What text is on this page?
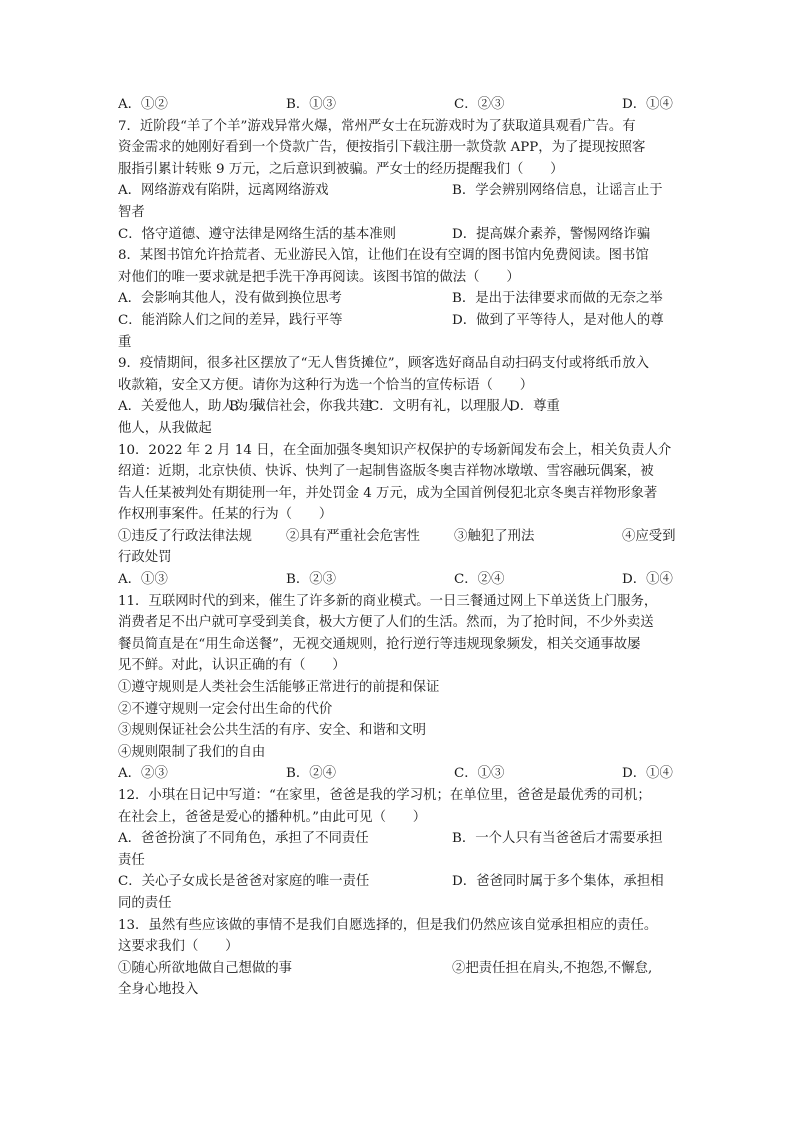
A．①②	B．①③	C．②③	D．①④
7．近阶段“羊了个羊”游戏异常火爆，常州严女士在玩游戏时为了获取道具观看广告。有
资金需求的她刚好看到一个贷款广告，便按指引下载注册一款贷款 APP，为了提现按照客
服指引累计转账 9 万元，之后意识到被骗。严女士的经历提醒我们（　　）
A．网络游戏有陷阱，远离网络游戏	B．学会辨别网络信息，让谣言止于
智者
C．恪守道德、遵守法律是网络生活的基本准则	D．提高媒介素养，警惕网络诈骗
8．某图书馆允许拾荒者、无业游民入馆，让他们在设有空调的图书馆内免费阅读。图书馆
对他们的唯一要求就是把手洗干净再阅读。该图书馆的做法（　　）
A．会影响其他人，没有做到换位思考	B．是出于法律要求而做的无奈之举
C．能消除人们之间的差异，践行平等	D．做到了平等待人，是对他人的尊
重
9．疫情期间，很多社区摆放了“无人售货摊位”，顾客选好商品自动扫码支付或将纸币放入
收款箱，安全又方便。请你为这种行为选一个恰当的宣传标语（　　）
A．关爱他人，助人为乐B．诚信社会，你我共建C．文明有礼，以理服人D．尊重
他人，从我做起
10．2022 年 2 月 14 日，在全面加强冬奥知识产权保护的专场新闻发布会上，相关负责人介
绍道：近期，北京快侦、快诉、快判了一起制售盗版冬奥吉祥物冰墩墩、雪容融玩偶案，被
告人任某被判处有期徒刑一年，并处罚金 4 万元，成为全国首例侵犯北京冬奥吉祥物形象著
作权刑事案件。任某的行为（　　）
①违反了行政法律法规	②具有严重社会危害性	③触犯了刑法	④应受到
行政处罚
A．①③	B．②③	C．②④	D．①④
11．互联网时代的到来，催生了许多新的商业模式。一日三餐通过网上下单送货上门服务，
消费者足不出户就可享受到美食，极大方便了人们的生活。然而，为了抢时间，不少外卖送
餐员简直是在“用生命送餐”，无视交通规则，抢行逆行等违规现象频发，相关交通事故屡
见不鲜。对此，认识正确的有（　　）
①遵守规则是人类社会生活能够正常进行的前提和保证
②不遵守规则一定会付出生命的代价
③规则保证社会公共生活的有序、安全、和谐和文明
④规则限制了我们的自由
A．②③	B．②④	C．①③	D．①④
12．小琪在日记中写道：“在家里，爸爸是我的学习机；在单位里，爸爸是最优秀的司机；
在社会上，爸爸是爱心的播种机。”由此可见（　　）
A．爸爸扮演了不同角色，承担了不同责任	B．一个人只有当爸爸后才需要承担
责任
C．关心子女成长是爸爸对家庭的唯一责任	D．爸爸同时属于多个集体，承担相
同的责任
13．虽然有些应该做的事情不是我们自愿选择的，但是我们仍然应该自觉承担相应的责任。
这要求我们（　　）
①随心所欲地做自己想做的事	②把责任担在肩头,不抱怨,不懈怠,
全身心地投入
